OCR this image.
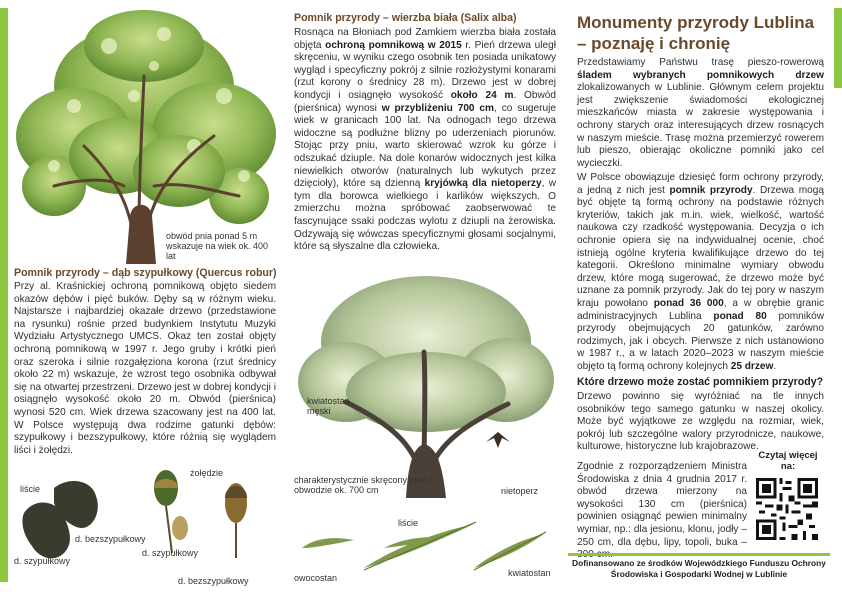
obwód pnia ponad 5 m wskazuje na wiek ok. 400 lat
Pomnik przyrody – dąb szypułkowy (Quercus robur)
Przy al. Kraśnickiej ochroną pomnikową objęto siedem okazów dębów i pięć buków. Dęby są w różnym wieku. Najstarsze i najbardziej okazałe drzewo (przedstawione na rysunku) rośnie przed budynkiem Instytutu Muzyki Wydziału Artystycznego UMCS. Okaz ten został objęty ochroną pomnikową w 1997 r. Jego gruby i krótki pień oraz szeroka i silnie rozgałęziona korona (rzut średnicy około 22 m) wskazuje, że wzrost tego osobnika odbywał się na otwartej przestrzeni. Drzewo jest w dobrej kondycji i osiągnęło wysokość około 20 m. Obwód (pierśnica) wynosi 520 cm. Wiek drzewa szacowany jest na 400 lat. W Polsce występują dwa rodzime gatunki dębów: szypułkowy i bezszypułkowy, które różnią się wyglądem liści i żołędzi.
liście
żołędzie
d. szypułkowy
d. bezszypułkowy
d. szypułkowy
d. bezszypułkowy
Pomnik przyrody – wierzba biała (Salix alba)
Rosnąca na Błoniach pod Zamkiem wierzba biała została objęta ochroną pomnikową w 2015 r. Pień drzewa uległ skręceniu, w wyniku czego osobnik ten posiada unikatowy wygląd i specyficzny pokrój z silnie rozłożystymi konarami (rzut korony o średnicy 28 m). Drzewo jest w dobrej kondycji i osiągnęło wysokość około 24 m. Obwód (pierśnica) wynosi w przybliżeniu 700 cm, co sugeruje wiek w granicach 100 lat. Na odnogach tego drzewa widoczne są podłużne blizny po uderzeniach piorunów. Stojąc przy pniu, warto skierować wzrok ku górze i odszukać dziuple. Na dole konarów widocznych jest kilka niewielkich otworów (naturalnych lub wykutych przez dzięcioły), które są dzienną kryjówką dla nietoperzy, w tym dla borowca wielkiego i karlików większych. O zmierzchu można spróbować zaobserwować te fascynujące ssaki podczas wylotu z dziupli na żerowiska. Odzywają się wówczas specyficznymi głosami socjalnymi, które są słyszalne dla człowieka.
kwiatostan męski
charakterystycznie skręcony pień o obwodzie ok. 700 cm	nietoperz
liście
owocostan	kwiatostan
Monumenty przyrody Lublina – poznaję i chronię
Przedstawiamy Państwu trasę pieszo-rowerową śladem wybranych pomnikowych drzew zlokalizowanych w Lublinie. Głównym celem projektu jest zwiększenie świadomości ekologicznej mieszkańców miasta w zakresie występowania i ochrony starych oraz interesujących drzew rosnących w naszym mieście. Trasę można przemierzyć rowerem lub pieszo, obierając okoliczne pomniki jako cel wycieczki.
W Polsce obowiązuje dziesięć form ochrony przyrody, a jedną z nich jest pomnik przyrody. Drzewa mogą być objęte tą formą ochrony na podstawie różnych kryteriów, takich jak m.in. wiek, wielkość, wartość naukowa czy rzadkość występowania. Decyzja o ich ochronie opiera się na indywidualnej ocenie, choć istnieją ogólne kryteria kwalifikujące drzewo do tej kategorii. Określono minimalne wymiary obwodu drzew, które mogą sugerować, że drzewo może być uznane za pomnik przyrody. Jak do tej pory w naszym kraju powołano ponad 36 000, a w obrębie granic administracyjnych Lublina ponad 80 pomników przyrody obejmujących 20 gatunków, zarówno rodzimych, jak i obcych. Pierwsze z nich ustanowiono w 1987 r., a w latach 2020–2023 w naszym mieście objęto tą formą ochrony kolejnych 25 drzew.
Które drzewo może zostać pomnikiem przyrody?
Drzewo powinno się wyróżniać na tle innych osobników tego samego gatunku w naszej okolicy. Może być wyjątkowe ze względu na rozmiar, wiek, pokrój lub szczególne walory przyrodnicze, naukowe, kulturowe, historyczne lub krajobrazowe.
Zgodnie z rozporządzeniem Ministra Środowiska z dnia 4 grudnia 2017 r. obwód drzewa mierzony na wysokości 130 cm (pierśnica) powinien osiągnąć pewien minimalny wymiar, np.: dla jesionu, klonu, jodły – 250 cm, dla dębu, lipy, topoli, buka –
Czytaj więcej na:
Dofinansowano ze środków Wojewódzkiego Funduszu Ochrony Środowiska i Gospodarki Wodnej w Lublinie
